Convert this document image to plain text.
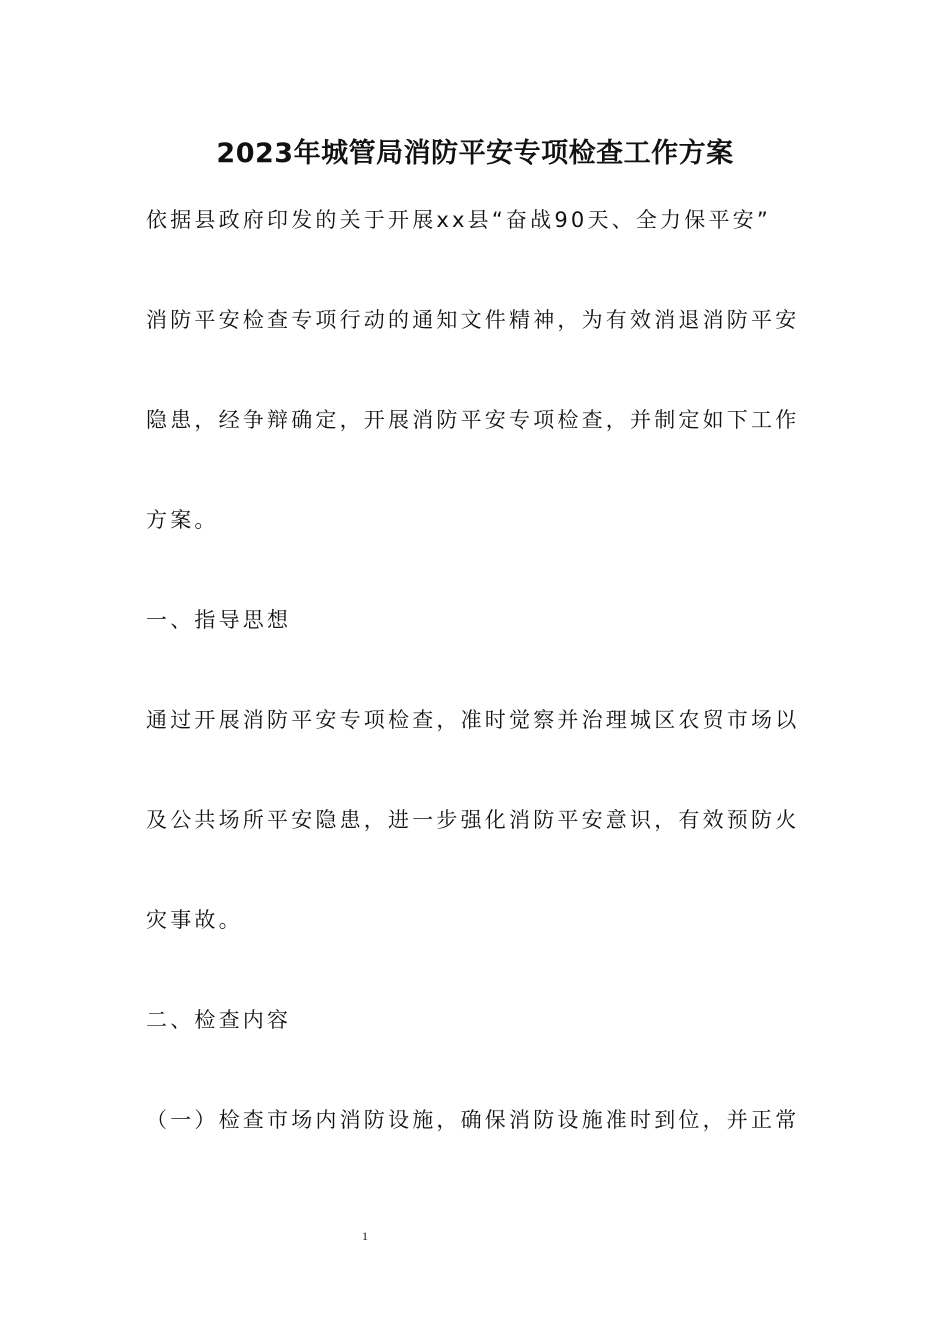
2023年城管局消防平安专项检查工作方案
依据县政府印发的关于开展xx县“奋战90天、全力保平安”
消防平安检查专项行动的通知文件精神，为有效消退消防平安
隐患，经争辩确定，开展消防平安专项检查，并制定如下工作
方案。
一、指导思想
通过开展消防平安专项检查，准时觉察并治理城区农贸市场以
及公共场所平安隐患，进一步强化消防平安意识，有效预防火
灾事故。
二、检查内容
（一）检查市场内消防设施，确保消防设施准时到位，并正常
1
